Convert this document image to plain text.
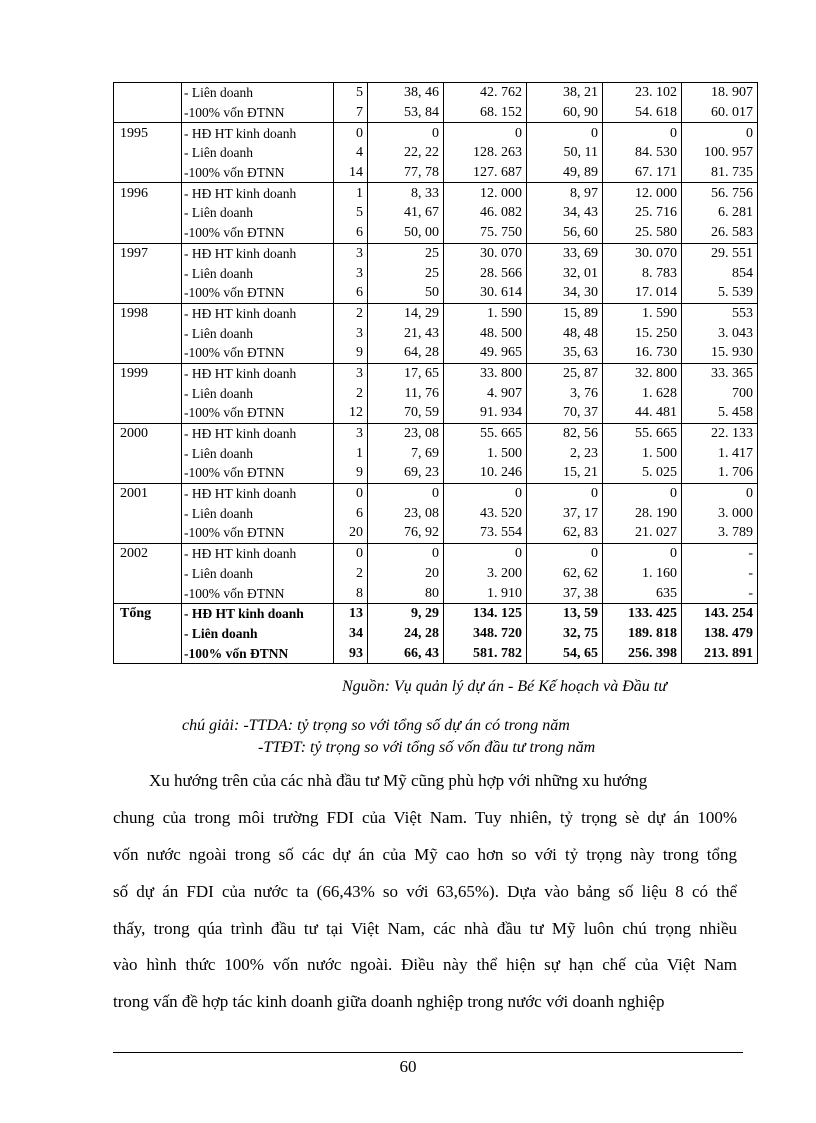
	- Liên doanh	5	38, 46	42. 762	38, 21	23. 102	18. 907
	-100% vốn ĐTNN	7	53, 84	68. 152	60, 90	54. 618	60. 017
1995	- HĐ HT kinh doanh	0	0	0	0	0	0
	- Liên doanh	4	22, 22	128. 263	50, 11	84. 530	100. 957
	-100% vốn ĐTNN	14	77, 78	127. 687	49, 89	67. 171	81. 735
1996	- HĐ HT kinh doanh	1	8, 33	12. 000	8, 97	12. 000	56. 756
	- Liên doanh	5	41, 67	46. 082	34, 43	25. 716	6. 281
	-100% vốn ĐTNN	6	50, 00	75. 750	56, 60	25. 580	26. 583
1997	- HĐ HT kinh doanh	3	25	30. 070	33, 69	30. 070	29. 551
	- Liên doanh	3	25	28. 566	32, 01	8. 783	854
	-100% vốn ĐTNN	6	50	30. 614	34, 30	17. 014	5. 539
1998	- HĐ HT kinh doanh	2	14, 29	1. 590	15, 89	1. 590	553
	- Liên doanh	3	21, 43	48. 500	48, 48	15. 250	3. 043
	-100% vốn ĐTNN	9	64, 28	49. 965	35, 63	16. 730	15. 930
1999	- HĐ HT kinh doanh	3	17, 65	33. 800	25, 87	32. 800	33. 365
	- Liên doanh	2	11, 76	4. 907	3, 76	1. 628	700
	-100% vốn ĐTNN	12	70, 59	91. 934	70, 37	44. 481	5. 458
2000	- HĐ HT kinh doanh	3	23, 08	55. 665	82, 56	55. 665	22. 133
	- Liên doanh	1	7, 69	1. 500	2, 23	1. 500	1. 417
	-100% vốn ĐTNN	9	69, 23	10. 246	15, 21	5. 025	1. 706
2001	- HĐ HT kinh doanh	0	0	0	0	0	0
	- Liên doanh	6	23, 08	43. 520	37, 17	28. 190	3. 000
	-100% vốn ĐTNN	20	76, 92	73. 554	62, 83	21. 027	3. 789
2002	- HĐ HT kinh doanh	0	0	0	0	0	-
	- Liên doanh	2	20	3. 200	62, 62	1. 160	-
	-100% vốn ĐTNN	8	80	1. 910	37, 38	635	-
Tổng	- HĐ HT kinh doanh	13	9, 29	134. 125	13, 59	133. 425	143. 254
	- Liên doanh	34	24, 28	348. 720	32, 75	189. 818	138. 479
	-100% vốn ĐTNN	93	66, 43	581. 782	54, 65	256. 398	213. 891
Nguồn: Vụ quản lý dự án - Bé Kế hoạch và Đầu tư
chú giải: -TTDA: tỷ trọng so với tổng số dự án có trong năm
-TTĐT: tỷ trọng so với tổng số vốn đầu tư trong năm
Xu hướng trên của các nhà đầu tư Mỹ cũng phù hợp với những xu hướng
chung của trong môi trường FDI của Việt Nam. Tuy nhiên, tỷ trọng sè dự án 100%
vốn nước ngoài trong số các dự án của Mỹ cao hơn so với tỷ trọng này trong tổng
số dự án FDI của nước ta (66,43% so với 63,65%). Dựa vào bảng số liệu 8 có thể
thấy, trong qúa trình đầu tư tại Việt Nam, các nhà đầu tư Mỹ luôn chú trọng nhiều
vào hình thức 100% vốn nước ngoài. Điều này thể hiện sự hạn chế của Việt Nam
trong vấn đề hợp tác kinh doanh giữa doanh nghiệp trong nước với doanh nghiệp
60
